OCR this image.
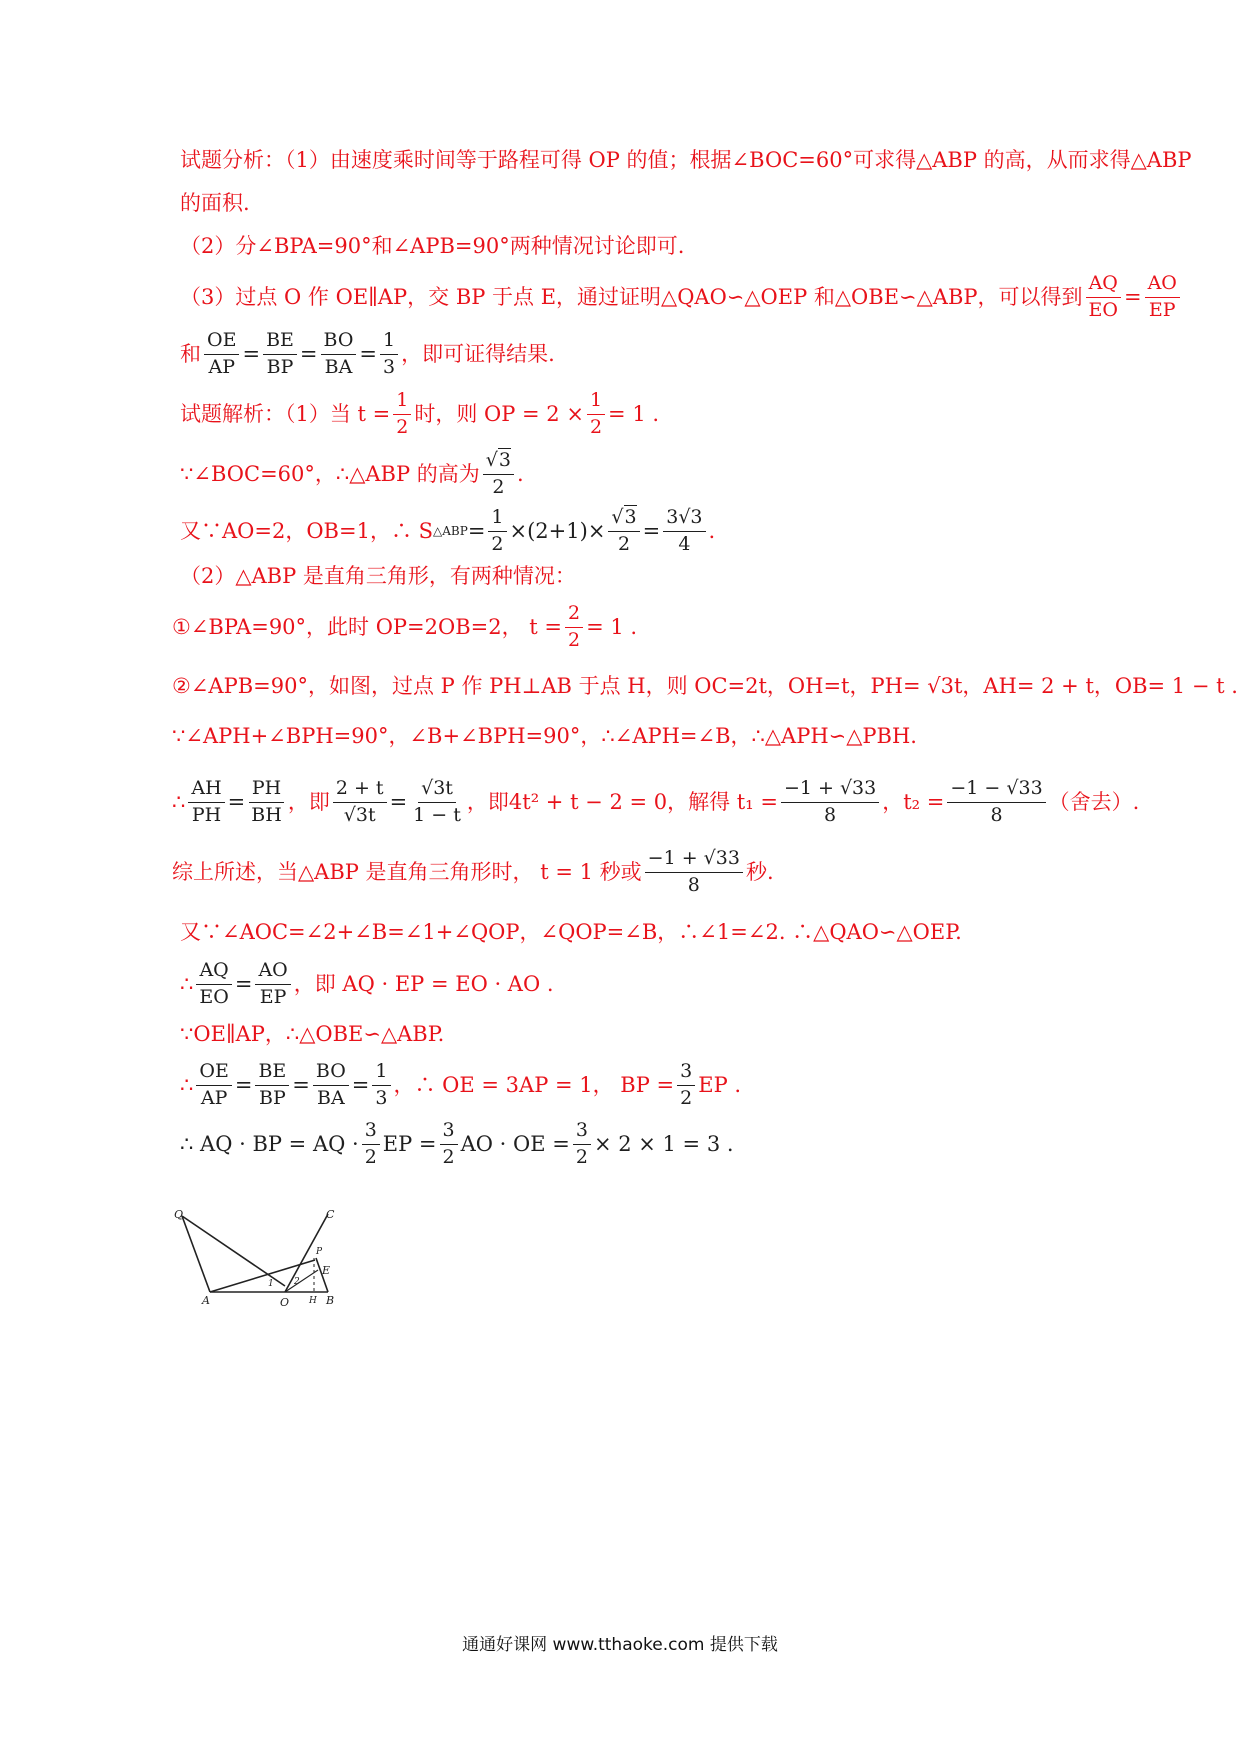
试题分析：（1）由速度乘时间等于路程可得 OP 的值；根据∠BOC=60°可求得△ABP 的高，从而求得△ABP
的面积.
（2）分∠BPA=90°和∠APB=90°两种情况讨论即可.
（3）过点 O 作 OE∥AP，交 BP 于点 E，通过证明△QAO∽△OEP 和△OBE∽△ABP，可以得到 $\frac{AQ}{EO} = \frac{AO}{EP}$
和 $\frac{OE}{AP} = \frac{BE}{BP} = \frac{BO}{BA} = \frac{1}{3}$ ，即可证得结果.
试题解析：（1）当 $t = \frac{1}{2}$ 时，则 OP = $2 \times \frac{1}{2} = 1$ .
∵∠BOC=60°，∴△ABP 的高为 $\frac{√3}{2}$ .
又∵AO=2，OB=1，∴ S △ABP = $\frac{1}{2} \times(2+1)\times \frac{√3}{2} = \frac{3√3}{4}$ .
（2）△ABP 是直角三角形，有两种情况：
①∠BPA=90°，此时 OP=2OB=2， $t = \frac{2}{2} = 1$ .
②∠APB=90°，如图，过点 P 作 PH⊥AB 于点 H，则 OC=2t，OH=t，PH= √3t，AH= 2 + t，OB= 1 − t .
∵∠APH+∠BPH=90°，∠B+∠BPH=90°，∴∠APH=∠B，∴△APH∽△PBH.
∴ $\frac{AH}{PH} = \frac{PH}{BH}$ ，即 $\frac{2 + t}{√3t} = \frac{√3t}{1 - t}$ ，即4t² + t − 2 = 0，解得 $t_1 = \frac{-1 + √33}{8}$ ，$t_2 = \frac{-1 - √33}{8}$ （舍去）.
综上所述，当△ABP 是直角三角形时， t = 1 秒或 $\frac{-1 + √33}{8}$ 秒.
又∵∠AOC=∠2+∠B=∠1+∠QOP，∠QOP=∠B，∴∠1=∠2. ∴△QAO∽△OEP.
∴ $\frac{AQ}{EO} = \frac{AO}{EP}$ ，即 AQ · EP = EO · AO .
∵OE∥AP，∴△OBE∽△ABP.
∴ $\frac{OE}{AP} = \frac{BE}{BP} = \frac{BO}{BA} = \frac{1}{3}$ ，∴ OE = 3AP = 1， BP = $\frac{3}{2}$ EP .
∴ AQ · BP = AQ · $\frac{3}{2}$ EP = $\frac{3}{2}$ AO · OE = $\frac{3}{2} \times 2 \times 1 = 3$ .
Q	C
A	O	B
E
1 2
P
H
通通好课网 www.tthaoke.com 提供下载
